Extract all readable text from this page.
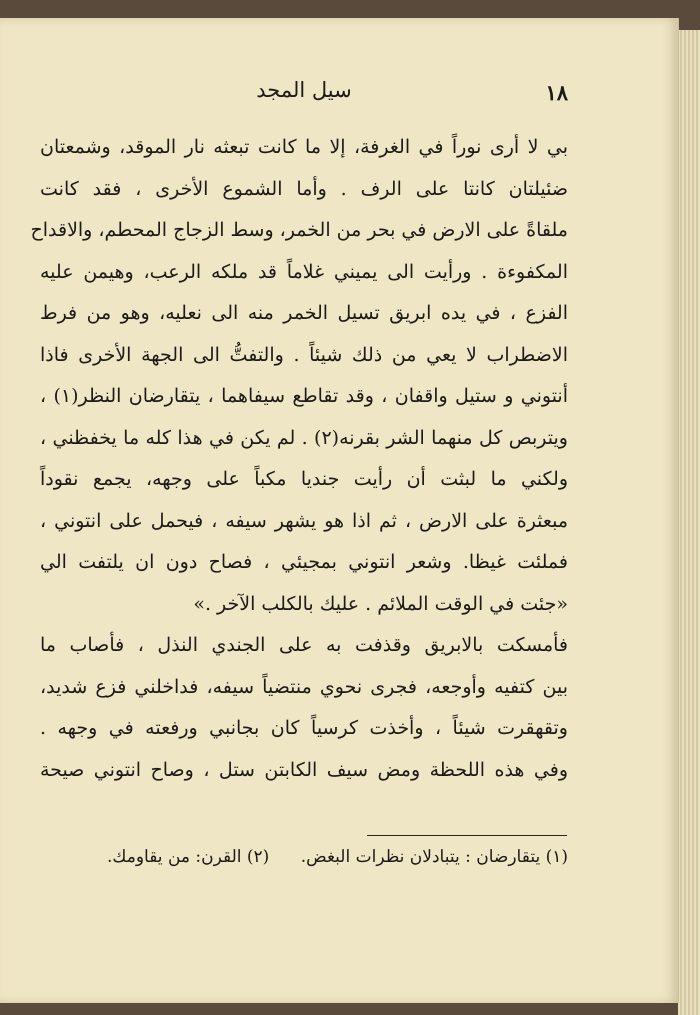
١٨
سيل المجد
بي لا أرى نوراً في الغرفة، إلا ما كانت تبعثه نار الموقد، وشمعتان
ضئيلتان كانتا على الرف . وأما الشموع الأخرى ، فقد كانت
ملقاةً على الارض في بحر من الخمر، وسط الزجاج المحطم، والاقداح
المكفوءة . ورأيت الى يميني غلاماً قد ملكه الرعب، وهيمن عليه
الفزع ، في يده ابريق تسيل الخمر منه الى نعليه، وهو من فرط
الاضطراب لا يعي من ذلك شيئاً . والتفتُّ الى الجهة الأخرى فاذا
أنتوني و ستيل واقفان ، وقد تقاطع سيفاهما ، يتقارضان النظر(١) ،
ويتربص كل منهما الشر بقرنه(٢) . لم يكن في هذا كله ما يخفظني ،
ولكني ما لبثت أن رأيت جنديا مكباً على وجهه، يجمع نقوداً
مبعثرة على الارض ، ثم اذا هو يشهر سيفه ، فيحمل على انتوني ،
فملئت غيظا. وشعر انتوني بمجيئي ، فصاح دون ان يلتفت الي
«جئت في الوقت الملائم . عليك بالكلب الآخر .»
فأمسكت بالابريق وقذفت به على الجندي النذل ، فأصاب ما
بين كتفيه وأوجعه، فجرى نحوي منتضياً سيفه، فداخلني فزع شديد،
وتقهقرت شيئاً ، وأخذت كرسياً كان بجانبي ورفعته في وجهه .
وفي هذه اللحظة ومض سيف الكابتن ستل ، وصاح انتوني صيحة
(١) يتقارضان : يتبادلان نظرات البغض. (٢) القرن: من يقاومك.
